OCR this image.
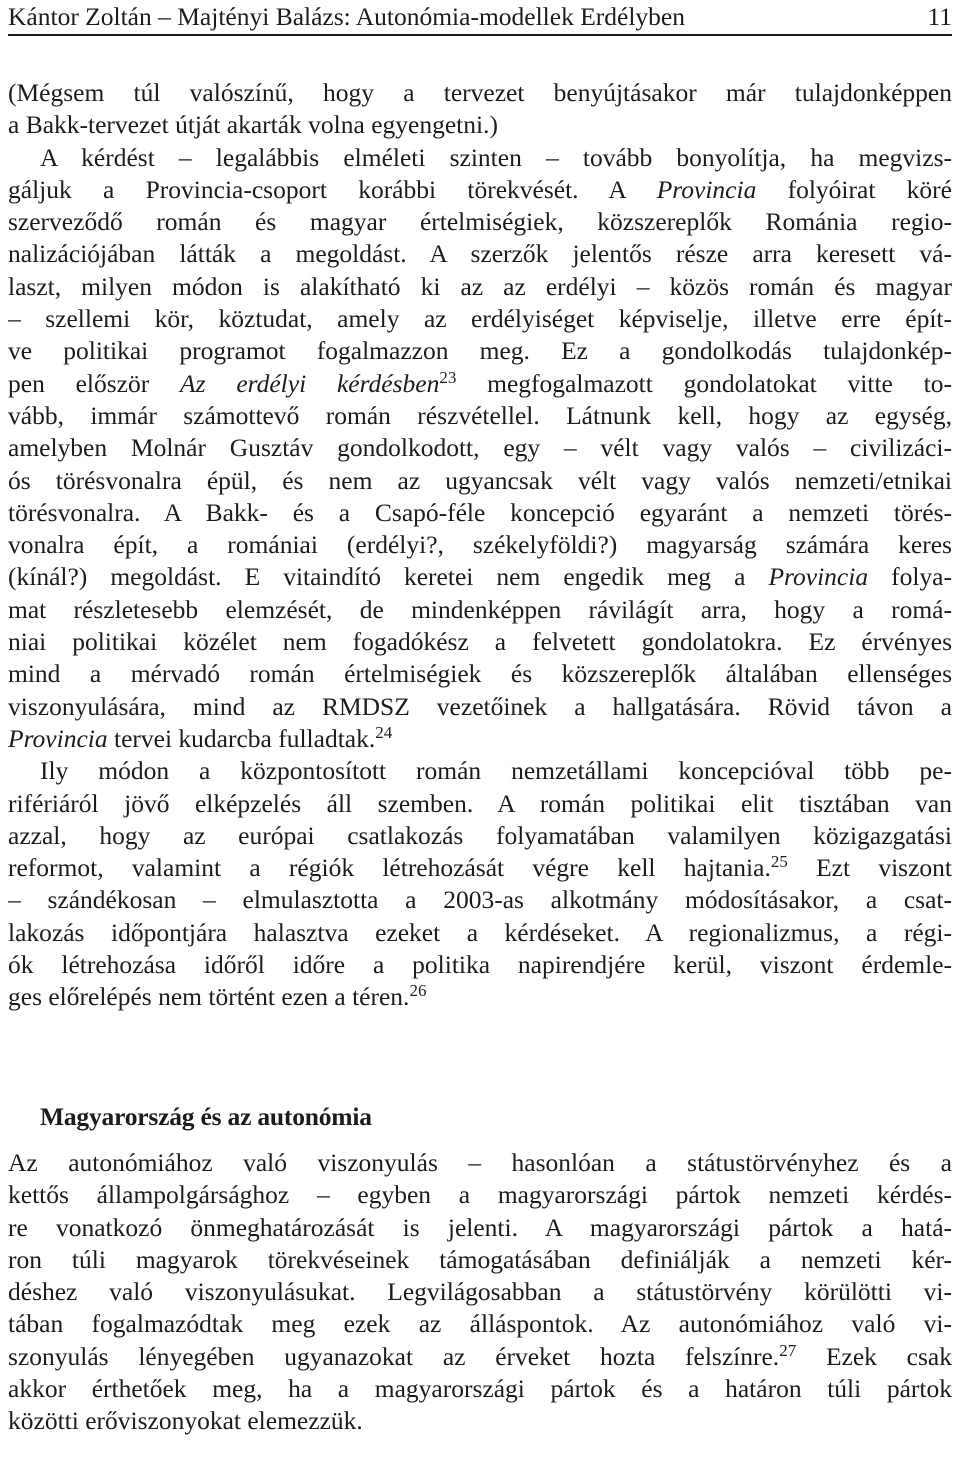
Kántor Zoltán – Majtényi Balázs: Autonómia-modellek Erdélyben	11
(Mégsem túl valószínű, hogy a tervezet benyújtásakor már tulajdonképpen
a Bakk-tervezet útját akarták volna egyengetni.)
A kérdést – legalábbis elméleti szinten – tovább bonyolítja, ha megvizs-
gáljuk a Provincia-csoport korábbi törekvését. A Provincia folyóirat köré
szerveződő román és magyar értelmiségiek, közszereplők Románia regio-
nalizációjában látták a megoldást. A szerzők jelentős része arra keresett vá-
laszt, milyen módon is alakítható ki az az erdélyi – közös román és magyar
– szellemi kör, köztudat, amely az erdélyiséget képviselje, illetve erre épít-
ve politikai programot fogalmazzon meg. Ez a gondolkodás tulajdonkép-
pen először Az erdélyi kérdésben$^{23}$ megfogalmazott gondolatokat vitte to-
vább, immár számottevő román részvétellel. Látnunk kell, hogy az egység,
amelyben Molnár Gusztáv gondolkodott, egy – vélt vagy valós – civilizáci-
ós törésvonalra épül, és nem az ugyancsak vélt vagy valós nemzeti/etnikai
törésvonalra. A Bakk- és a Csapó-féle koncepció egyaránt a nemzeti törés-
vonalra épít, a romániai (erdélyi?, székelyföldi?) magyarság számára keres
(kínál?) megoldást. E vitaindító keretei nem engedik meg a Provincia folya-
mat részletesebb elemzését, de mindenképpen rávilágít arra, hogy a romá-
niai politikai közélet nem fogadókész a felvetett gondolatokra. Ez érvényes
mind a mérvadó román értelmiségiek és közszereplők általában ellenséges
viszonyulására, mind az RMDSZ vezetőinek a hallgatására. Rövid távon a
Provincia tervei kudarcba fulladtak.$^{24}$
Ily módon a központosított román nemzetállami koncepcióval több pe-
rifériáról jövő elképzelés áll szemben. A román politikai elit tisztában van
azzal, hogy az európai csatlakozás folyamatában valamilyen közigazgatási
reformot, valamint a régiók létrehozását végre kell hajtania.$^{25}$ Ezt viszont
– szándékosan – elmulasztotta a 2003-as alkotmány módosításakor, a csat-
lakozás időpontjára halasztva ezeket a kérdéseket. A regionalizmus, a régi-
ók létrehozása időről időre a politika napirendjére kerül, viszont érdemle-
ges előrelépés nem történt ezen a téren.$^{26}$
Magyarország és az autonómia
Az autonómiához való viszonyulás – hasonlóan a státustörvényhez és a
kettős állampolgársághoz – egyben a magyarországi pártok nemzeti kérdés-
re vonatkozó önmeghatározását is jelenti. A magyarországi pártok a hatá-
ron túli magyarok törekvéseinek támogatásában definiálják a nemzeti kér-
déshez való viszonyulásukat. Legvilágosabban a státustörvény körülötti vi-
tában fogalmazódtak meg ezek az álláspontok. Az autonómiához való vi-
szonyulás lényegében ugyanazokat az érveket hozta felszínre.$^{27}$ Ezek csak
akkor érthetőek meg, ha a magyarországi pártok és a határon túli pártok
közötti erőviszonyokat elemezzük.
